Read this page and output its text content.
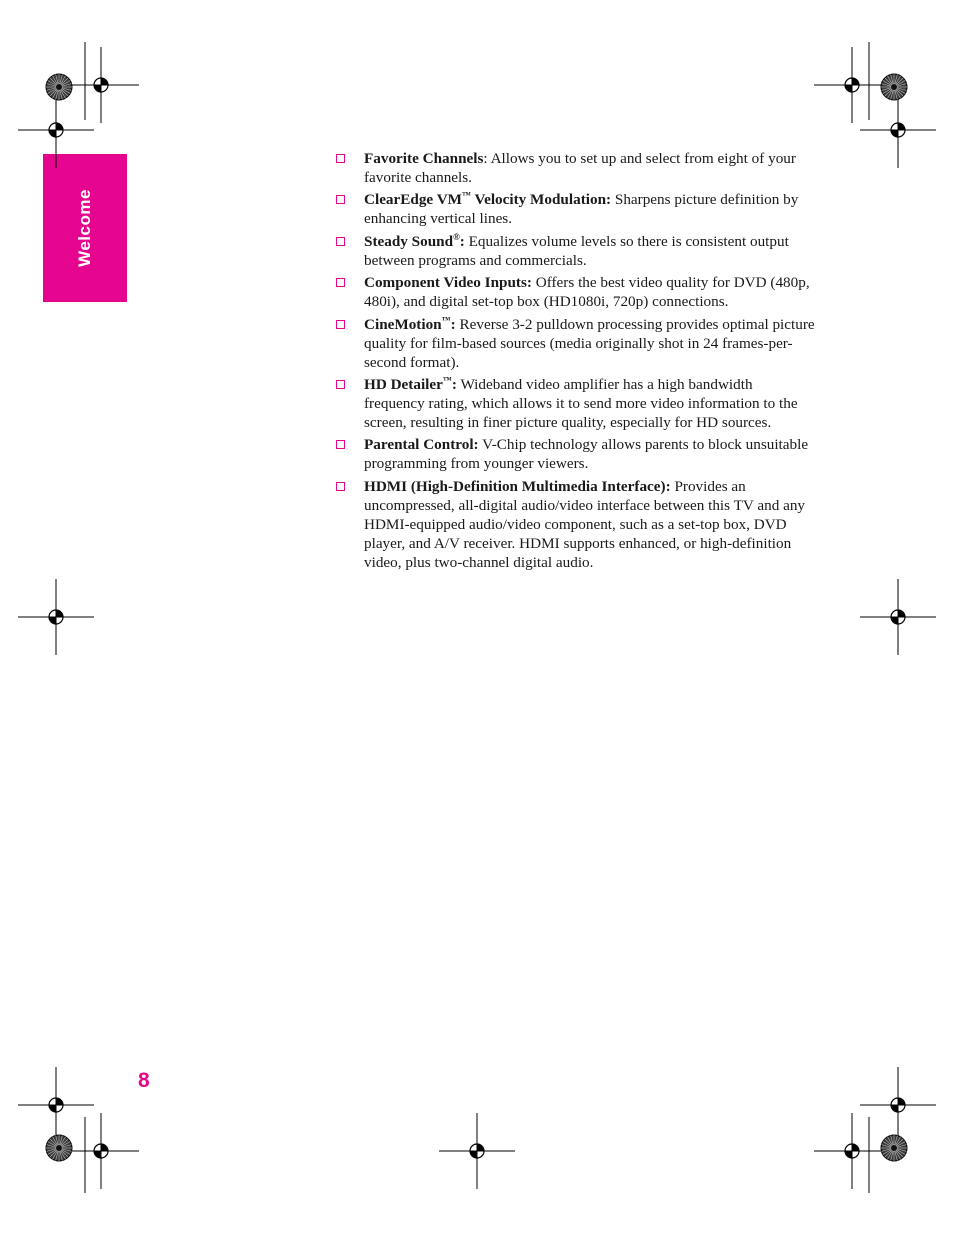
Welcome
Favorite Channels: Allows you to set up and select from eight of your favorite channels.
ClearEdge VM™ Velocity Modulation: Sharpens picture definition by enhancing vertical lines.
Steady Sound®: Equalizes volume levels so there is consistent output between programs and commercials.
Component Video Inputs: Offers the best video quality for DVD (480p, 480i), and digital set-top box (HD1080i, 720p) connections.
CineMotion™: Reverse 3-2 pulldown processing provides optimal picture quality for film-based sources (media originally shot in 24 frames-per-second format).
HD Detailer™: Wideband video amplifier has a high bandwidth frequency rating, which allows it to send more video information to the screen, resulting in finer picture quality, especially for HD sources.
Parental Control: V-Chip technology allows parents to block unsuitable programming from younger viewers.
HDMI (High-Definition Multimedia Interface): Provides an uncompressed, all-digital audio/video interface between this TV and any HDMI-equipped audio/video component, such as a set-top box, DVD player, and A/V receiver. HDMI supports enhanced, or high-definition video, plus two-channel digital audio.
8
